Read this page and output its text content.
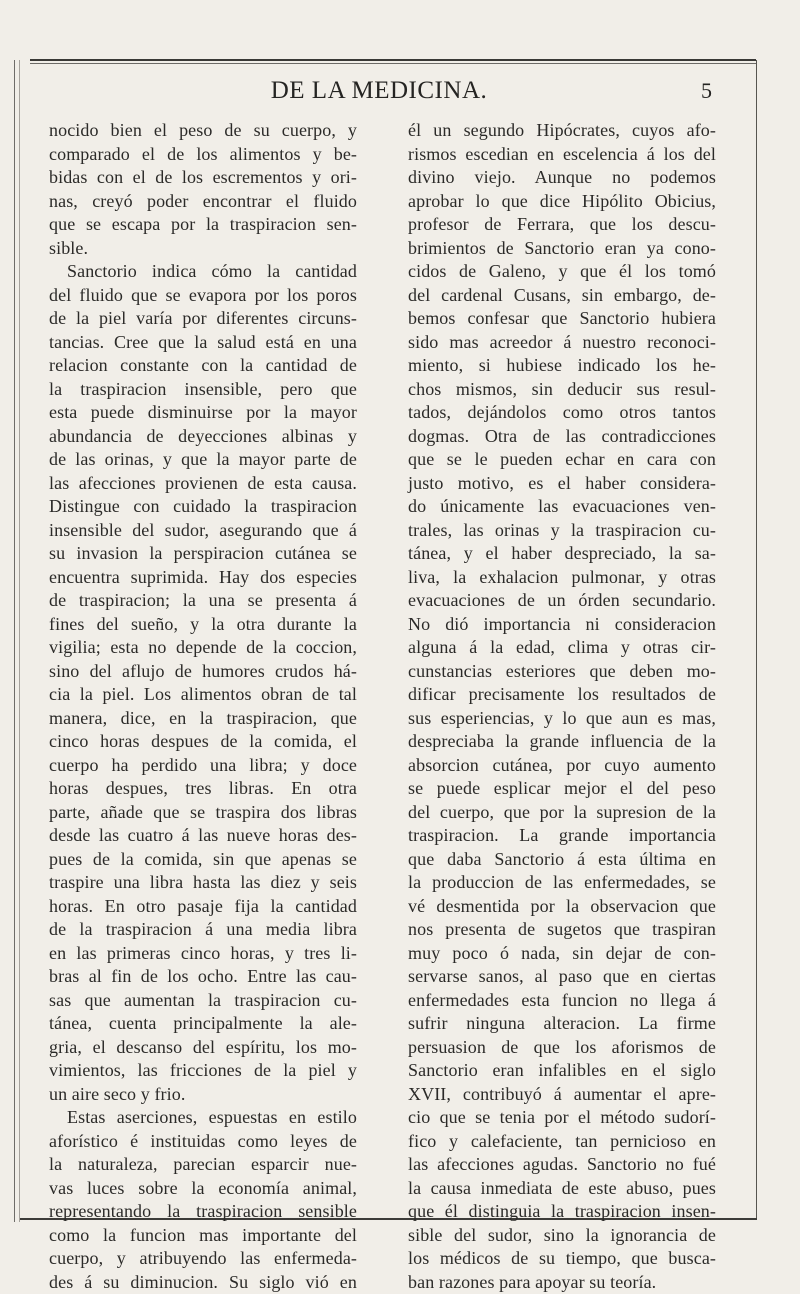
DE LA MEDICINA.	5
nocido bien el peso de su cuerpo, y
comparado el de los alimentos y be-
bidas con el de los escrementos y ori-
nas, creyó poder encontrar el fluido
que se escapa por la traspiracion sen-
sible.
Sanctorio indica cómo la cantidad
del fluido que se evapora por los poros
de la piel varía por diferentes circuns-
tancias. Cree que la salud está en una
relacion constante con la cantidad de
la traspiracion insensible, pero que
esta puede disminuirse por la mayor
abundancia de deyecciones albinas y
de las orinas, y que la mayor parte de
las afecciones provienen de esta causa.
Distingue con cuidado la traspiracion
insensible del sudor, asegurando que á
su invasion la perspiracion cutánea se
encuentra suprimida. Hay dos especies
de traspiracion; la una se presenta á
fines del sueño, y la otra durante la
vigilia; esta no depende de la coccion,
sino del aflujo de humores crudos há-
cia la piel. Los alimentos obran de tal
manera, dice, en la traspiracion, que
cinco horas despues de la comida, el
cuerpo ha perdido una libra; y doce
horas despues, tres libras. En otra
parte, añade que se traspira dos libras
desde las cuatro á las nueve horas des-
pues de la comida, sin que apenas se
traspire una libra hasta las diez y seis
horas. En otro pasaje fija la cantidad
de la traspiracion á una media libra
en las primeras cinco horas, y tres li-
bras al fin de los ocho. Entre las cau-
sas que aumentan la traspiracion cu-
tánea, cuenta principalmente la ale-
gria, el descanso del espíritu, los mo-
vimientos, las fricciones de la piel y
un aire seco y frio.
Estas aserciones, espuestas en estilo
aforístico é instituidas como leyes de
la naturaleza, parecian esparcir nue-
vas luces sobre la economía animal,
representando la traspiracion sensible
como la funcion mas importante del
cuerpo, y atribuyendo las enfermeda-
des á su diminucion. Su siglo vió en
él un segundo Hipócrates, cuyos afo-
rismos escedian en escelencia á los del
divino viejo. Aunque no podemos
aprobar lo que dice Hipólito Obicius,
profesor de Ferrara, que los descu-
brimientos de Sanctorio eran ya cono-
cidos de Galeno, y que él los tomó
del cardenal Cusans, sin embargo, de-
bemos confesar que Sanctorio hubiera
sido mas acreedor á nuestro reconoci-
miento, si hubiese indicado los he-
chos mismos, sin deducir sus resul-
tados, dejándolos como otros tantos
dogmas. Otra de las contradicciones
que se le pueden echar en cara con
justo motivo, es el haber considera-
do únicamente las evacuaciones ven-
trales, las orinas y la traspiracion cu-
tánea, y el haber despreciado, la sa-
liva, la exhalacion pulmonar, y otras
evacuaciones de un órden secundario.
No dió importancia ni consideracion
alguna á la edad, clima y otras cir-
cunstancias esteriores que deben mo-
dificar precisamente los resultados de
sus esperiencias, y lo que aun es mas,
despreciaba la grande influencia de la
absorcion cutánea, por cuyo aumento
se puede esplicar mejor el del peso
del cuerpo, que por la supresion de la
traspiracion. La grande importancia
que daba Sanctorio á esta última en
la produccion de las enfermedades, se
vé desmentida por la observacion que
nos presenta de sugetos que traspiran
muy poco ó nada, sin dejar de con-
servarse sanos, al paso que en ciertas
enfermedades esta funcion no llega á
sufrir ninguna alteracion. La firme
persuasion de que los aforismos de
Sanctorio eran infalibles en el siglo
XVII, contribuyó á aumentar el apre-
cio que se tenia por el método sudorí-
fico y calefaciente, tan pernicioso en
las afecciones agudas. Sanctorio no fué
la causa inmediata de este abuso, pues
que él distinguia la traspiracion insen-
sible del sudor, sino la ignorancia de
los médicos de su tiempo, que busca-
ban razones para apoyar su teoría.
